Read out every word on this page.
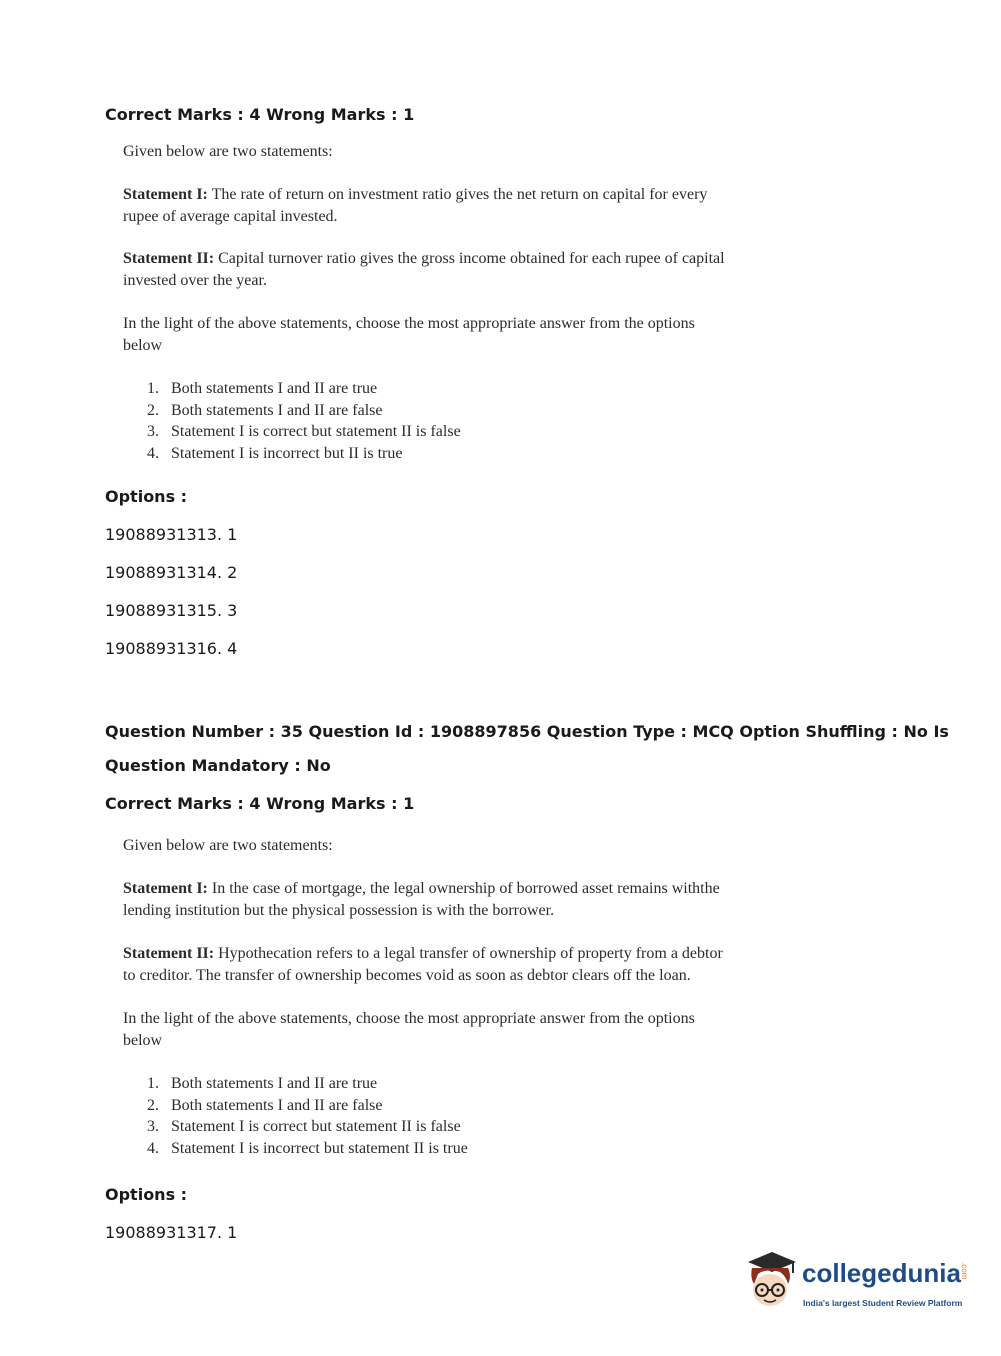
Correct Marks : 4 Wrong Marks : 1

Given below are two statements:

Statement I: The rate of return on investment ratio gives the net return on capital for every
rupee of average capital invested.

Statement II: Capital turnover ratio gives the gross income obtained for each rupee of capital
invested over the year.

In the light of the above statements, choose the most appropriate answer from the options
below

1. Both statements I and II are true
2. Both statements I and II are false
3. Statement I is correct but statement II is false
4. Statement I is incorrect but II is true
Options :
19088931313. 1
19088931314. 2
19088931315. 3
19088931316. 4
Question Number : 35 Question Id : 1908897856 Question Type : MCQ Option Shuffling : No Is
Question Mandatory : No
Correct Marks : 4 Wrong Marks : 1

Given below are two statements:

Statement I: In the case of mortgage, the legal ownership of borrowed asset remains withthe
lending institution but the physical possession is with the borrower.

Statement II: Hypothecation refers to a legal transfer of ownership of property from a debtor
to creditor. The transfer of ownership becomes void as soon as debtor clears off the loan.

In the light of the above statements, choose the most appropriate answer from the options
below

1. Both statements I and II are true
2. Both statements I and II are false
3. Statement I is correct but statement II is false
4. Statement I is incorrect but statement II is true
Options :
19088931317. 1
collegedunia .com
India's largest Student Review Platform
